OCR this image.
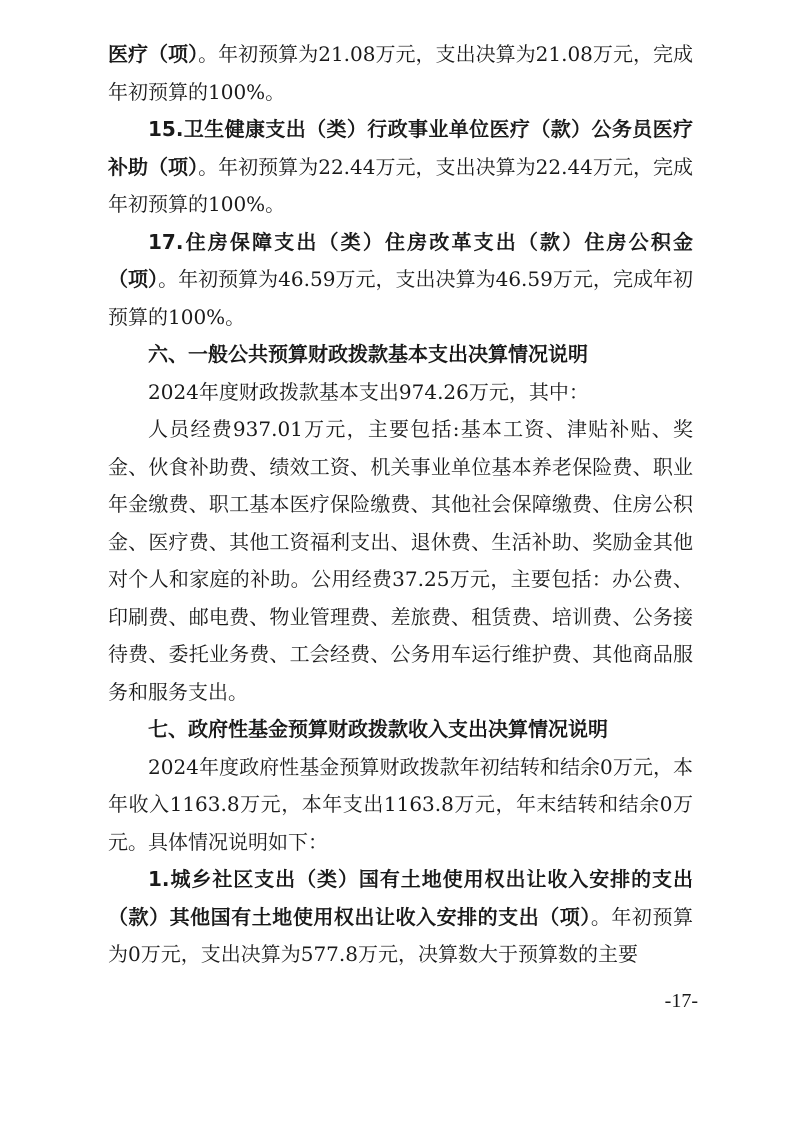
医疗（项）。年初预算为21.08万元，支出决算为21.08万元，完成年初预算的100%。

15.卫生健康支出（类）行政事业单位医疗（款）公务员医疗补助（项）。年初预算为22.44万元，支出决算为22.44万元，完成年初预算的100%。

17.住房保障支出（类）住房改革支出（款）住房公积金（项）。年初预算为46.59万元，支出决算为46.59万元，完成年初预算的100%。

六、一般公共预算财政拨款基本支出决算情况说明

2024年度财政拨款基本支出974.26万元，其中：

人员经费937.01万元，主要包括:基本工资、津贴补贴、奖金、伙食补助费、绩效工资、机关事业单位基本养老保险费、职业年金缴费、职工基本医疗保险缴费、其他社会保障缴费、住房公积金、医疗费、其他工资福利支出、退休费、生活补助、奖励金其他对个人和家庭的补助。公用经费37.25万元，主要包括：办公费、印刷费、邮电费、物业管理费、差旅费、租赁费、培训费、公务接待费、委托业务费、工会经费、公务用车运行维护费、其他商品服务和服务支出。

七、政府性基金预算财政拨款收入支出决算情况说明

2024年度政府性基金预算财政拨款年初结转和结余0万元，本年收入1163.8万元，本年支出1163.8万元，年末结转和结余0万元。具体情况说明如下：

1.城乡社区支出（类）国有土地使用权出让收入安排的支出（款）其他国有土地使用权出让收入安排的支出（项）。年初预算为0万元，支出决算为577.8万元，决算数大于预算数的主要

-17-
